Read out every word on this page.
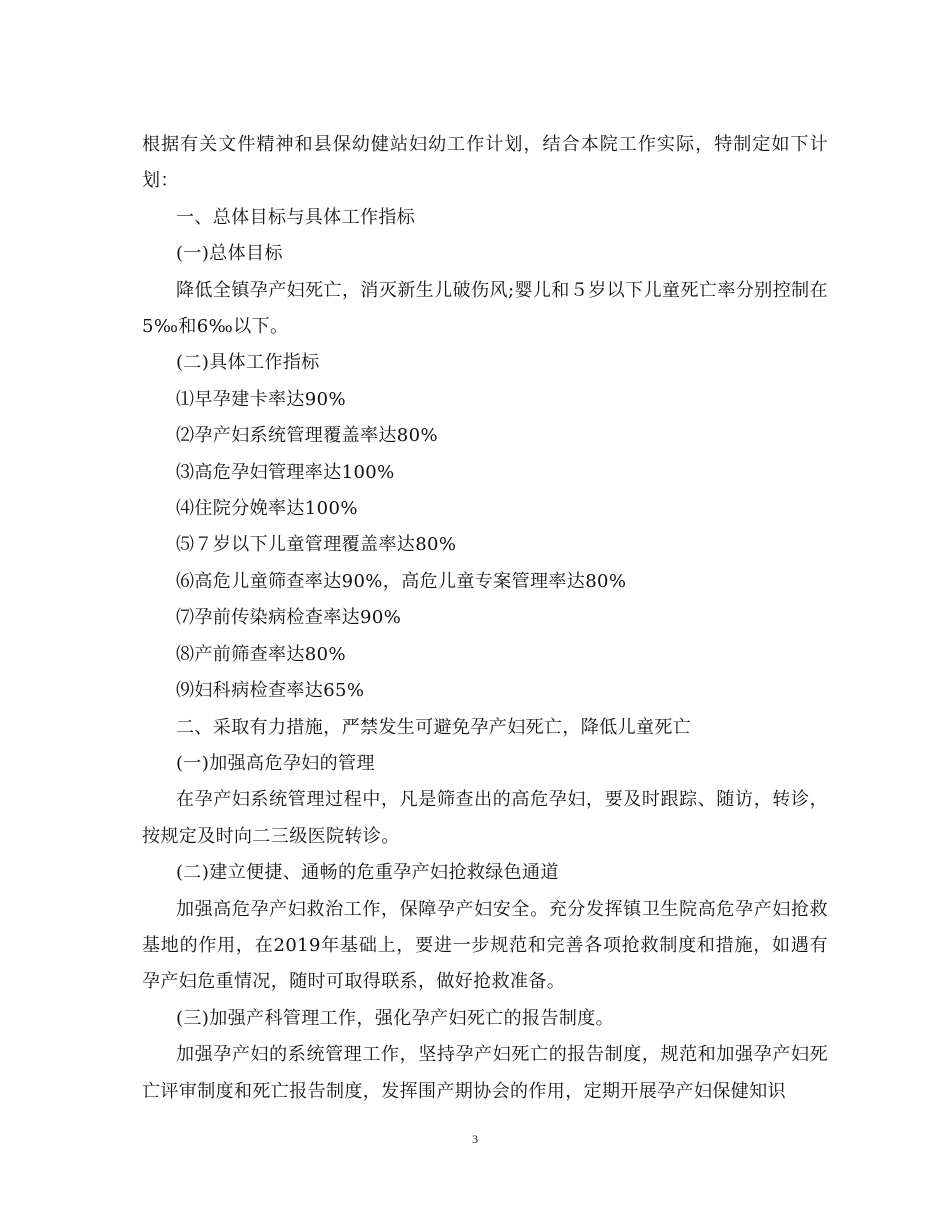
根据有关文件精神和县保幼健站妇幼工作计划，结合本院工作实际，特制定如下计划：

一、总体目标与具体工作指标

(一)总体目标

降低全镇孕产妇死亡，消灭新生儿破伤风;婴儿和５岁以下儿童死亡率分别控制在5‰和6‰以下。

(二)具体工作指标

⑴早孕建卡率达90%

⑵孕产妇系统管理覆盖率达80%

⑶高危孕妇管理率达100%

⑷住院分娩率达100%

⑸７岁以下儿童管理覆盖率达80%

⑹高危儿童筛查率达90%，高危儿童专案管理率达80%

⑺孕前传染病检查率达90%

⑻产前筛查率达80%

⑼妇科病检查率达65%

二、采取有力措施，严禁发生可避免孕产妇死亡，降低儿童死亡

(一)加强高危孕妇的管理

在孕产妇系统管理过程中，凡是筛查出的高危孕妇，要及时跟踪、随访，转诊，按规定及时向二三级医院转诊。

(二)建立便捷、通畅的危重孕产妇抢救绿色通道

加强高危孕产妇救治工作，保障孕产妇安全。充分发挥镇卫生院高危孕产妇抢救基地的作用，在2019年基础上，要进一步规范和完善各项抢救制度和措施，如遇有孕产妇危重情况，随时可取得联系，做好抢救准备。

(三)加强产科管理工作，强化孕产妇死亡的报告制度。

加强孕产妇的系统管理工作，坚持孕产妇死亡的报告制度，规范和加强孕产妇死亡评审制度和死亡报告制度，发挥围产期协会的作用，定期开展孕产妇保健知识

3
